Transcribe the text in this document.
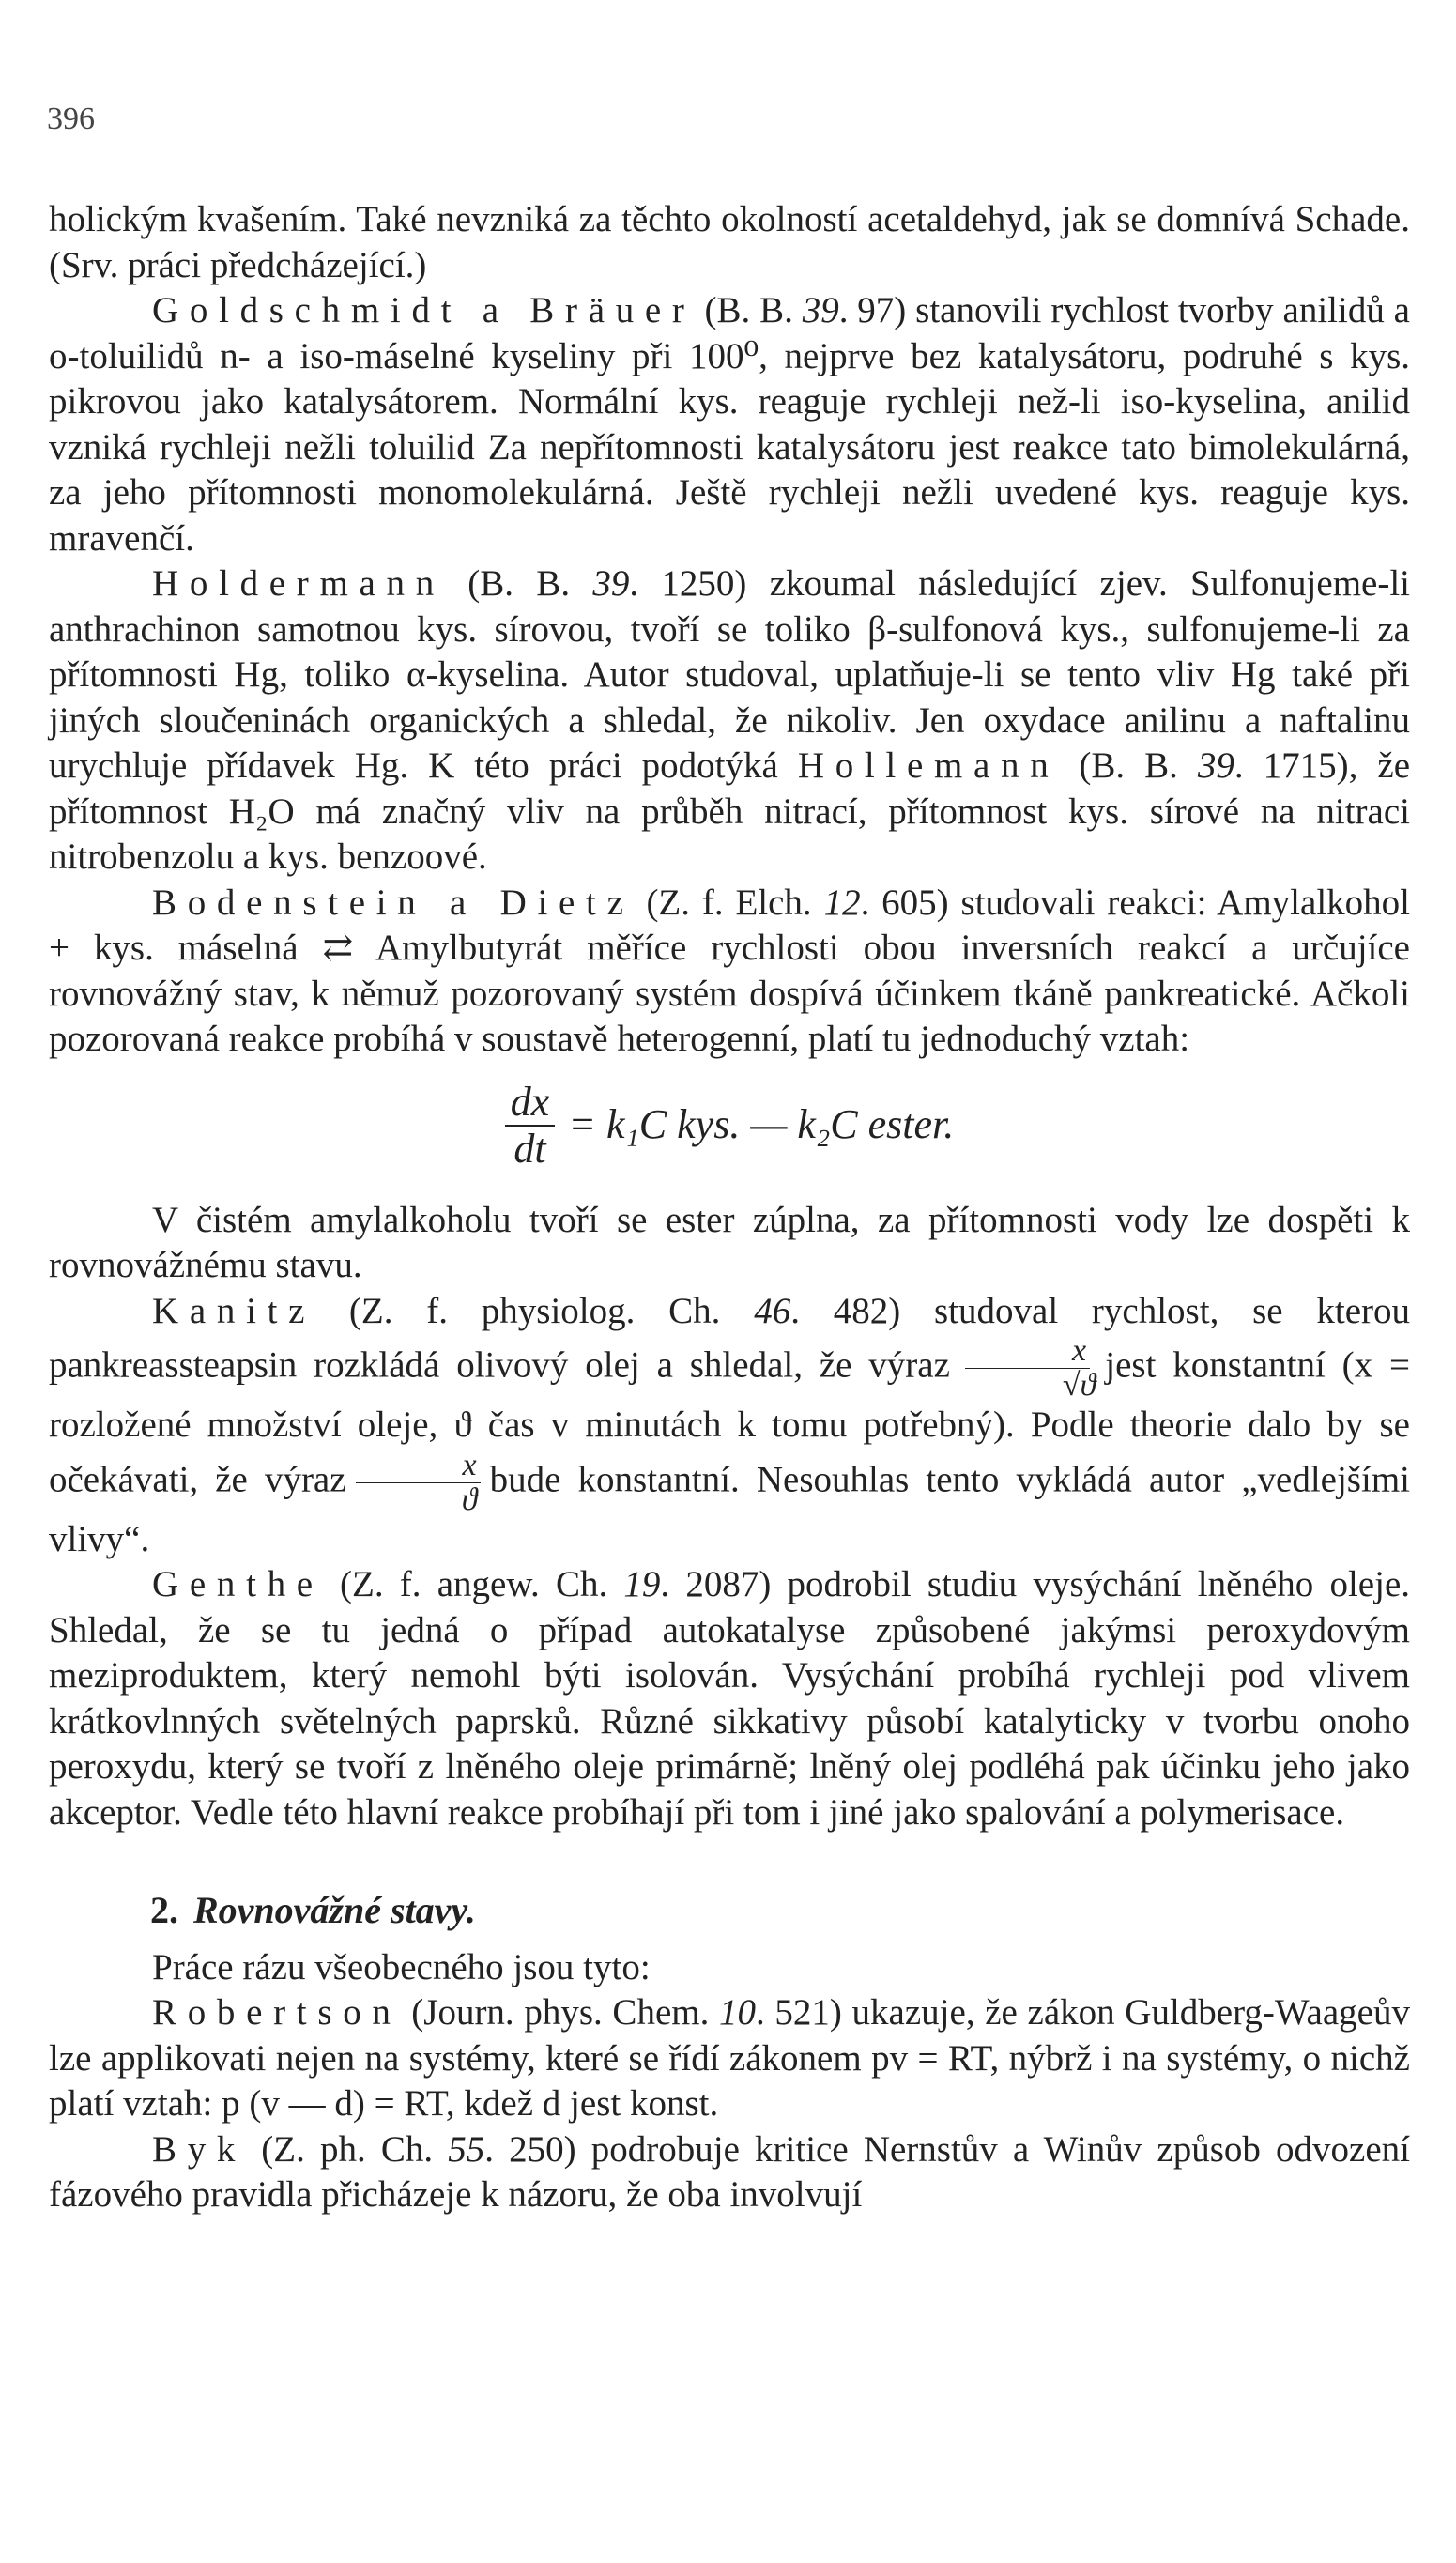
396

holickým kvašením. Také nevzniká za těchto okolností acetaldehyd, jak se domnívá Schade. (Srv. práci předcházející.)

Goldschmidt a Bräuer (B. B. 39. 97) stanovili rychlost tvorby anilidů a o-toluilidů n- a iso-máselné kyseliny při 100⁰, nejprve bez katalysátoru, podruhé s kys. pikrovou jako katalysátorem. Normální kys. reaguje rychleji než-li iso-kyselina, anilid vzniká rychleji nežli toluilid Za nepřítomnosti katalysátoru jest reakce tato bimolekulárná, za jeho přítomnosti monomolekulárná. Ještě rychleji nežli uvedené kys. reaguje kys. mravenčí.

Holdermann (B. B. 39. 1250) zkoumal následující zjev. Sulfonujeme-li anthrachinon samotnou kys. sírovou, tvoří se toliko β-sulfonová kys., sulfonujeme-li za přítomnosti Hg, toliko α-kyselina. Autor studoval, uplatňuje-li se tento vliv Hg také při jiných sloučeninách organických a shledal, že nikoliv. Jen oxydace anilinu a naftalinu urychluje přídavek Hg. K této práci podotýká Hollemann (B. B. 39. 1715), že přítomnost H₂O má značný vliv na průběh nitrací, přítomnost kys. sírové na nitraci nitrobenzolu a kys. benzoové.

Bodenstein a Dietz (Z. f. Elch. 12. 605) studovali reakci: Amylalkohol + kys. máselná ⇄ Amylbutyrát měříce rychlosti obou inversních reakcí a určujíce rovnovážný stav, k němuž pozorovaný systém dospívá účinkem tkáně pankreatické. Ačkoli pozorovaná reakce probíhá v soustavě heterogenní, platí tu jednoduchý vztah:

$\frac{dx}{dt} = k_1C$ kys. — k₂C ester.

V čistém amylalkoholu tvoří se ester zúplna, za přítomnosti vody lze dospěti k rovnovážnému stavu.

Kanitz (Z. f. physiolog. Ch. 46. 482) studoval rychlost, se kterou pankreassteapsin rozkládá olivový olej a shledal, že výraz $\frac{x}{√ϑ}$ jest konstantní (x = rozložené množství oleje, ϑ čas v minutách k tomu potřebný). Podle theorie dalo by se očekávati, že výraz $\frac{x}{ϑ}$ bude konstantní. Nesouhlas tento vykládá autor „vedlejšími vlivy“.

Genthe (Z. f. angew. Ch. 19. 2087) podrobil studiu vysýchání lněného oleje. Shledal, že se tu jedná o případ autokatalyse způsobené jakýmsi peroxydovým meziproduktem, který nemohl býti isolován. Vysýchání probíhá rychleji pod vlivem krátkovlnných světelných paprsků. Různé sikkativy působí katalyticky v tvorbu onoho peroxydu, který se tvoří z lněného oleje primárně; lněný olej podléhá pak účinku jeho jako akceptor. Vedle této hlavní reakce probíhají při tom i jiné jako spalování a polymerisace.

2. Rovnovážné stavy.

Práce rázu všeobecného jsou tyto:

Robertson (Journ. phys. Chem. 10. 521) ukazuje, že zákon Guldberg-Waageův lze applikovati nejen na systémy, které se řídí zákonem pv = RT, nýbrž i na systémy, o nichž platí vztah: p (v — d) = RT, kdež d jest konst.

Byk (Z. ph. Ch. 55. 250) podrobuje kritice Nernstův a Winův způsob odvození fázového pravidla přicházeje k názoru, že oba involvují
